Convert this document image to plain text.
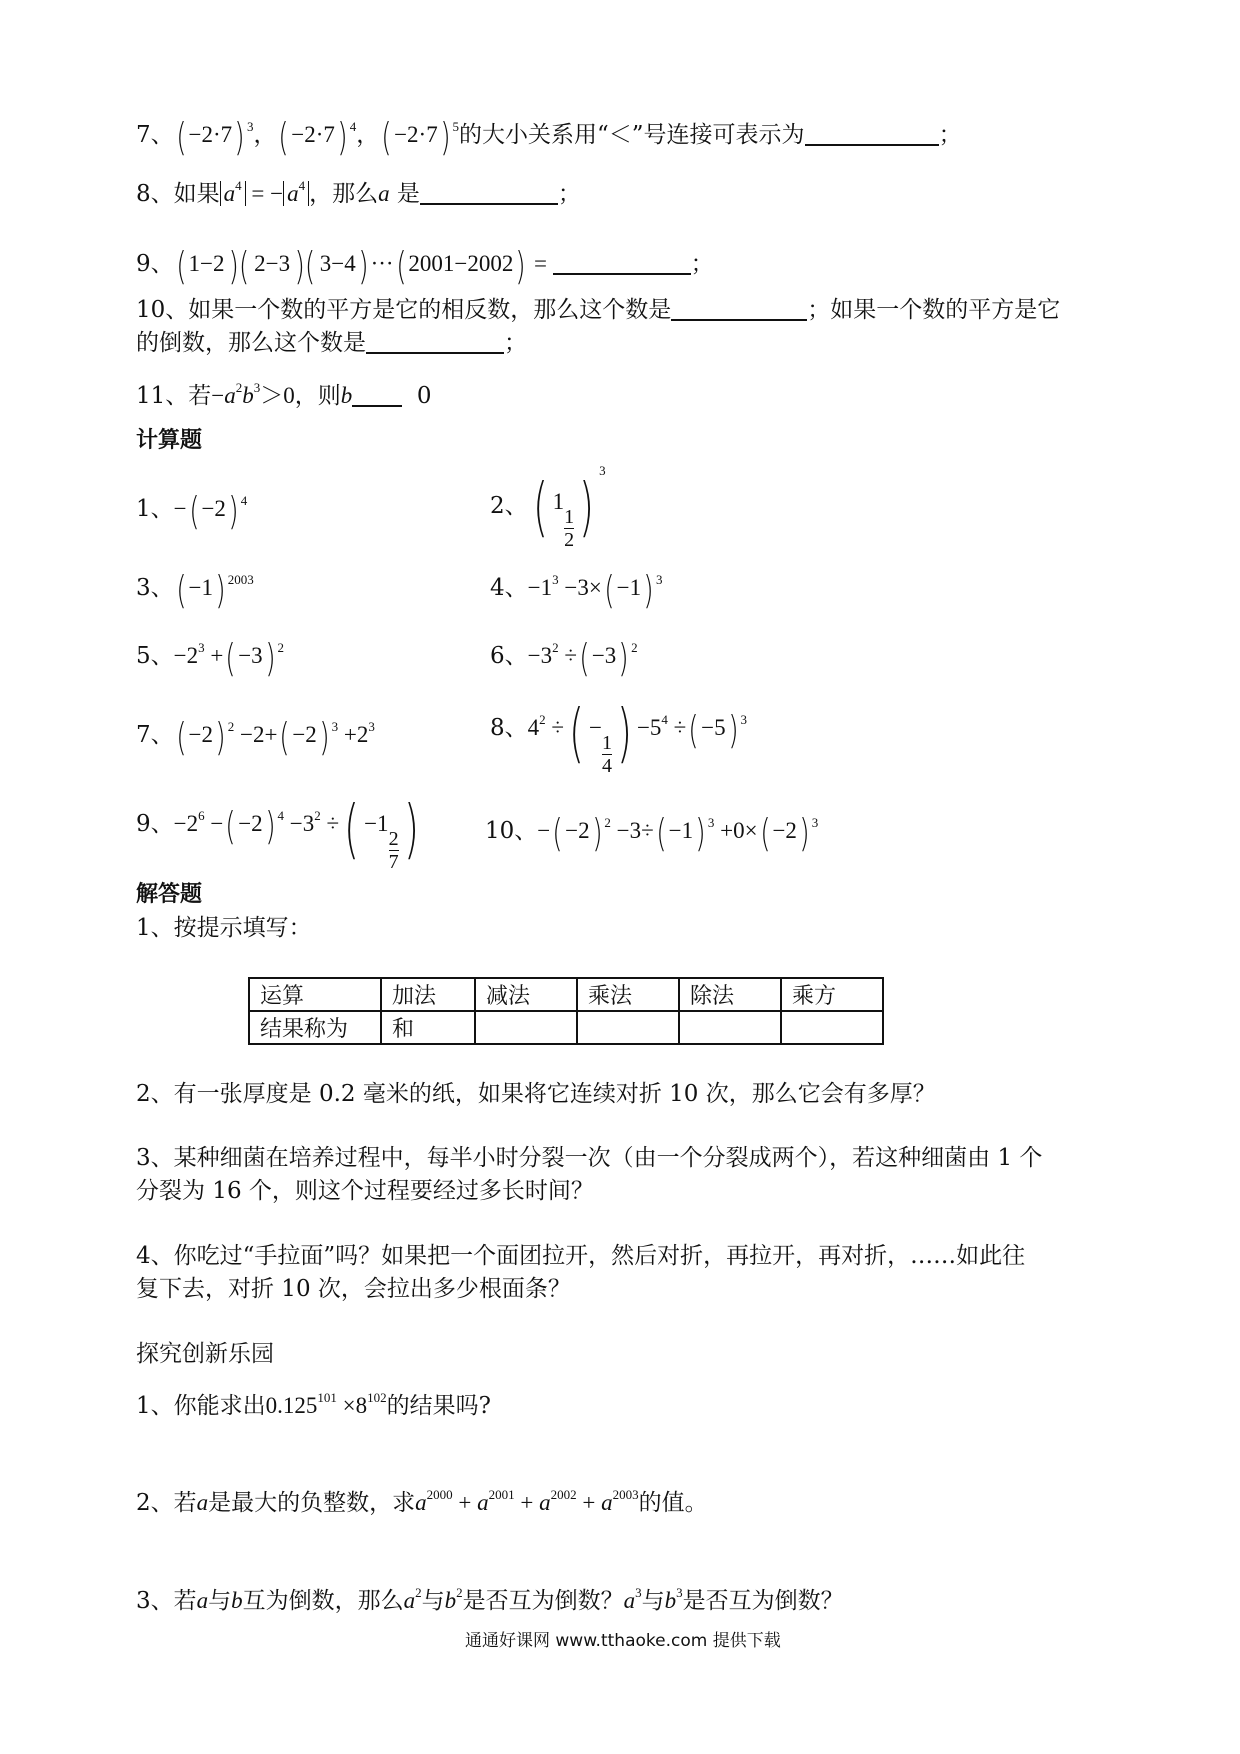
7、(−2·7) $^3$，(−2·7) $^4$，(−2·7) $^5$的大小关系用“＜”号连接可表示为	；
8、如果 $a^4$ = − $a^4$ ，那么a 是	；
9、(1−2 )( 2−3 )( 3−4)···(2001−2002) =	；
10、如果一个数的平方是它的相反数，那么这个数是	；如果一个数的平方是它
的倒数，那么这个数是	；
11、若$-a^2b^3>0$，则b	0
计算题
1、−(−2) $^4$	2、( 1
$\frac{1}{2} )^3$
3、(−1) $^{2003}$	4、$-1^3 -3\times(-1)$ $^3$
5、$-2^3 +(-3)$ $^2$	6、$-3^2 \div(-3)$ $^2$
7、(−2) $^2$ −2+(−2) $^3 +2^3$	8、$4^2$ ÷( −
$\frac{1}{4}$ ) $-5^4 \div(-5)$ $^3$
9、$-2^6 -(-2)$ $^4 -3^2$ ÷( −1
$\frac{2}{7}$ )	10、−(−2) $^2$ −3÷(−1) $^3$ +0×(−2) $^3$
解答题
1、按提示填写：
运算	加法	减法	乘法	除法	乘方
结果称为	和				
2、有一张厚度是 0.2 毫米的纸，如果将它连续对折 10 次，那么它会有多厚？
3、某种细菌在培养过程中，每半小时分裂一次（由一个分裂成两个），若这种细菌由 1 个
分裂为 16 个，则这个过程要经过多长时间？
4、你吃过“手拉面”吗？如果把一个面团拉开，然后对折，再拉开，再对折，……如此往
复下去，对折 10 次，会拉出多少根面条？
探究创新乐园
1、你能求出$0.125^{101} \times 8^{102}$的结果吗?
2、若a是最大的负整数，求$a^{2000} + a^{2001} + a^{2002} + a^{2003}$的值。
3、若a与b互为倒数，那么$a^2$与$b^2$是否互为倒数？$a^3$与$b^3$是否互为倒数？
通通好课网 www.tthaoke.com 提供下载
